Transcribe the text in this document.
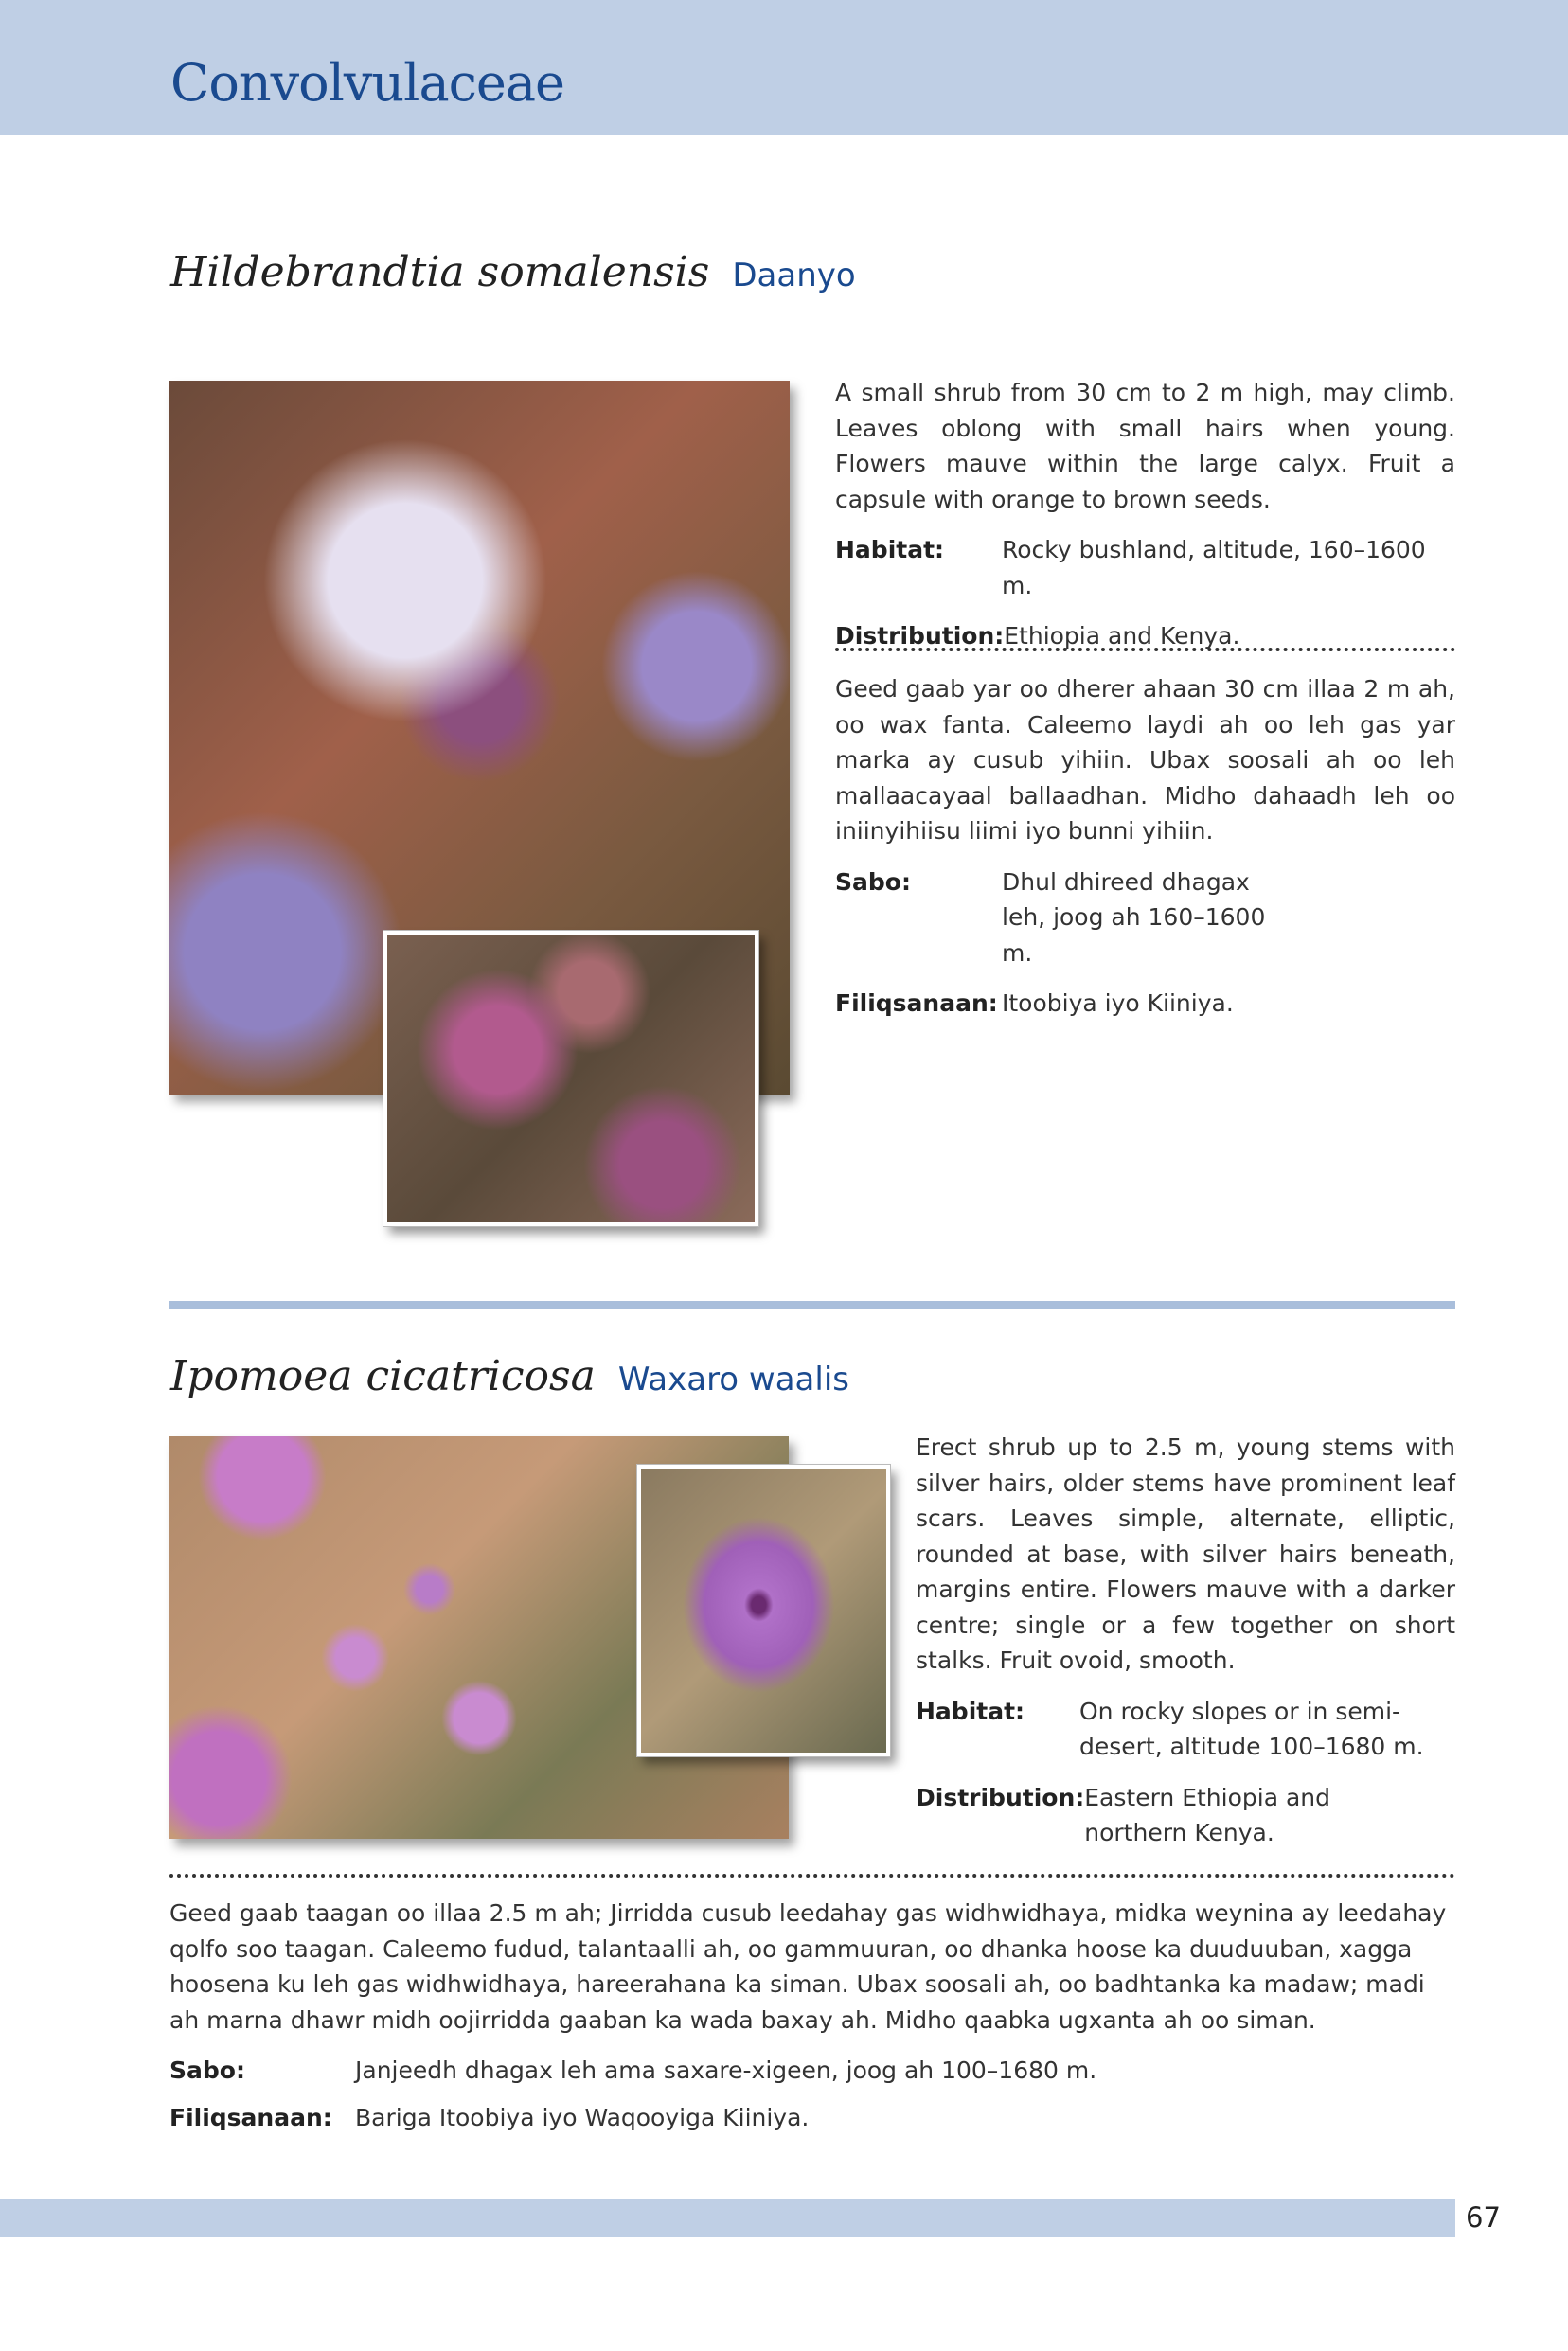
Convolvulaceae
Hildebrandtia somalensis Daanyo

A small shrub from 30 cm to 2 m high, may climb. Leaves oblong with small hairs when young. Flowers mauve within the large calyx. Fruit a capsule with orange to brown seeds.

Habitat:	Rocky bushland, altitude, 160–1600 m.
Distribution: Ethiopia and Kenya.

Geed gaab yar oo dherer ahaan 30 cm illaa 2 m ah, oo wax fanta. Caleemo laydi ah oo leh gas yar marka ay cusub yihiin. Ubax soosali ah oo leh mallaacayaal ballaadhan. Midho dahaadh leh oo iniinyihiisu liimi iyo bunni yihiin.

Sabo:	Dhul dhireed dhagax leh, joog ah 160–1600 m.
Filiqsanaan: Itoobiya iyo Kiiniya.
Ipomoea cicatricosa Waxaro waalis

Erect shrub up to 2.5 m, young stems with silver hairs, older stems have prominent leaf scars. Leaves simple, alternate, elliptic, rounded at base, with silver hairs beneath, margins entire. Flowers mauve with a darker centre; single or a few together on short stalks. Fruit ovoid, smooth.

Habitat:	On rocky slopes or in semi-desert, altitude 100–1680 m.
Distribution: Eastern Ethiopia and northern Kenya.

Geed gaab taagan oo illaa 2.5 m ah; Jirridda cusub leedahay gas widhwidhaya, midka weynina ay leedahay qolfo soo taagan. Caleemo fudud, talantaalli ah, oo gammuuran, oo dhanka hoose ka duuduuban, xagga hoosena ku leh gas widhwidhaya, hareerahana ka siman. Ubax soosali ah, oo badhtanka ka madaw; madi ah marna dhawr midh oojirridda gaaban ka wada baxay ah. Midho qaabka ugxanta ah oo siman.

Sabo:	Janjeedh dhagax leh ama saxare-xigeen, joog ah 100–1680 m.
Filiqsanaan: Bariga Itoobiya iyo Waqooyiga Kiiniya.
67
